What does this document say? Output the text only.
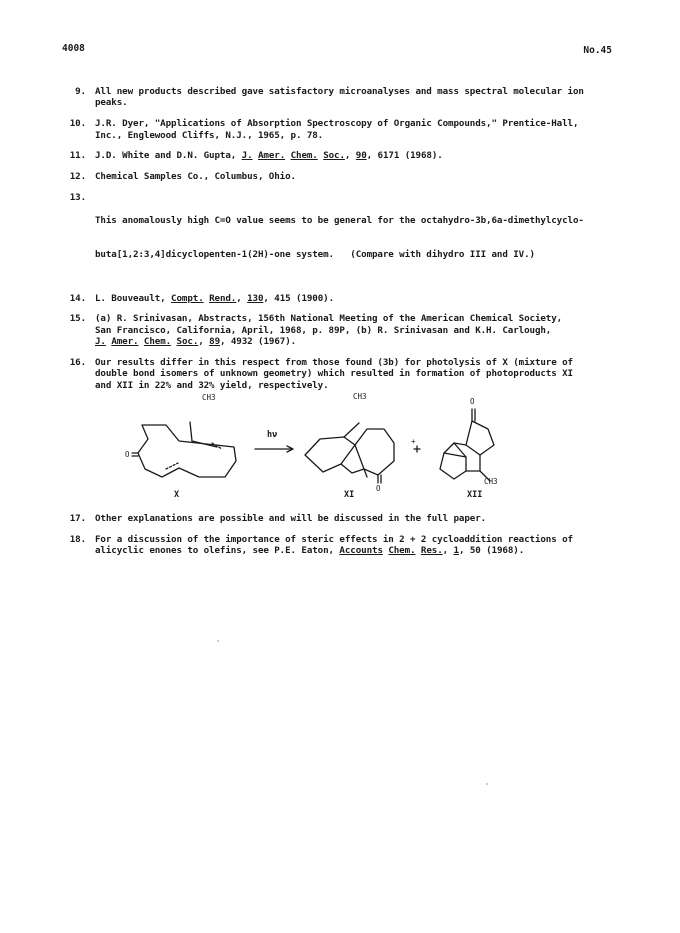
4008	No.45
9. All new products described gave satisfactory microanalyses and mass spectral molecular ion
peaks.
10. J.R. Dyer, "Applications of Absorption Spectroscopy of Organic Compounds," Prentice-Hall,
Inc., Englewood Cliffs, N.J., 1965, p. 78.
11. J.D. White and D.N. Gupta, J. Amer. Chem. Soc., 90, 6171 (1968).
12. Chemical Samples Co., Columbus, Ohio.
13.

This anomalously high C=O value seems to be general for the octahydro-3b,6a-dimethylcyclo-

buta[1,2:3,4]dicyclopenten-1(2H)-one system.   (Compare with dihydro III and IV.)

14. L. Bouveault, Compt. Rend., 130, 415 (1900).
15. (a) R. Srinivasan, Abstracts, 156th National Meeting of the American Chemical Society,
San Francisco, California, April, 1968, p. 89P, (b) R. Srinivasan and K.H. Carlough,
J. Amer. Chem. Soc., 89, 4932 (1967).
16. Our results differ in this respect from those found (3b) for photolysis of X (mixture of
double bond isomers of unknown geometry) which resulted in formation of photoproducts XI
and XII in 22% and 32% yield, respectively.
CH3
O
hν
CH3
O
+
O
CH3
X	XI	XII
17. Other explanations are possible and will be discussed in the full paper.
18. For a discussion of the importance of steric effects in 2 + 2 cycloaddition reactions of
alicyclic enones to olefins, see P.E. Eaton, Accounts Chem. Res., 1, 50 (1968).
